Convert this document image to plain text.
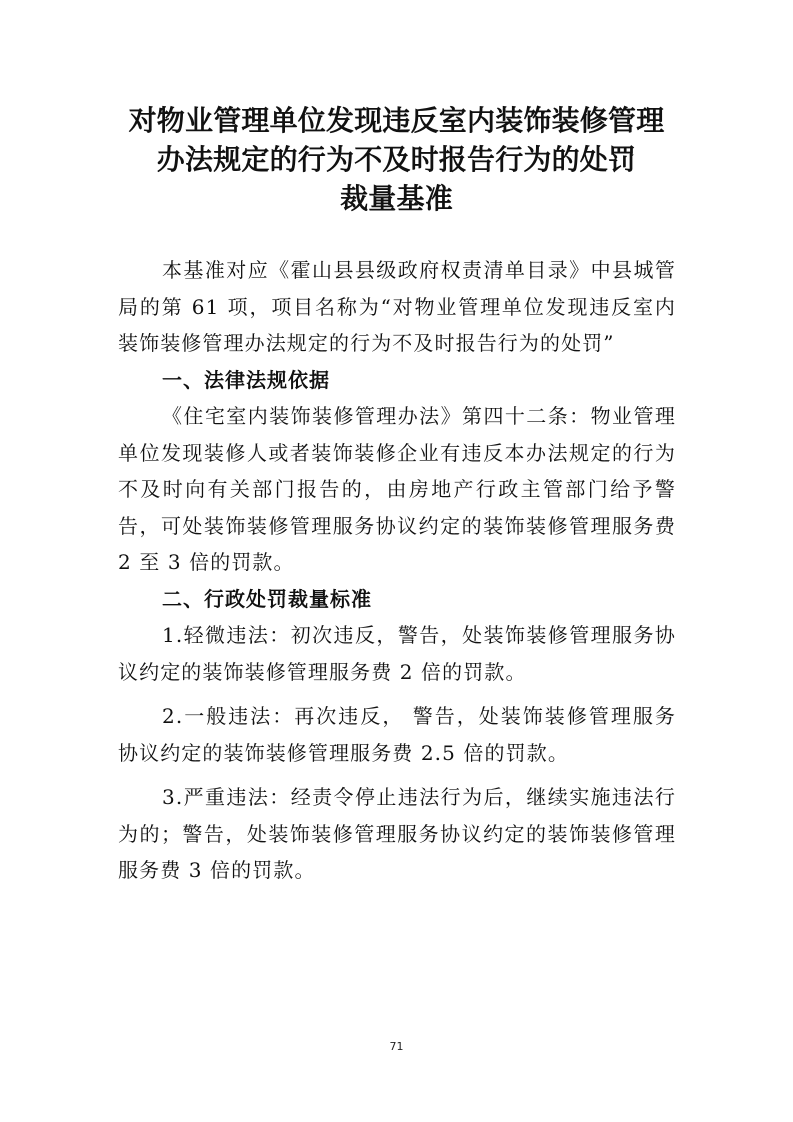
对物业管理单位发现违反室内装饰装修管理
办法规定的行为不及时报告行为的处罚
裁量基准

本基准对应《霍山县县级政府权责清单目录》中县城管局的第 61 项，项目名称为“对物业管理单位发现违反室内装饰装修管理办法规定的行为不及时报告行为的处罚”

一、法律法规依据

《住宅室内装饰装修管理办法》第四十二条：物业管理单位发现装修人或者装饰装修企业有违反本办法规定的行为不及时向有关部门报告的，由房地产行政主管部门给予警告，可处装饰装修管理服务协议约定的装饰装修管理服务费 2 至 3 倍的罚款。

二、行政处罚裁量标准

1.轻微违法：初次违反，警告，处装饰装修管理服务协议约定的装饰装修管理服务费 2 倍的罚款。

2.一般违法：再次违反， 警告，处装饰装修管理服务协议约定的装饰装修管理服务费 2.5 倍的罚款。

3.严重违法：经责令停止违法行为后，继续实施违法行为的；警告，处装饰装修管理服务协议约定的装饰装修管理服务费 3 倍的罚款。

71
